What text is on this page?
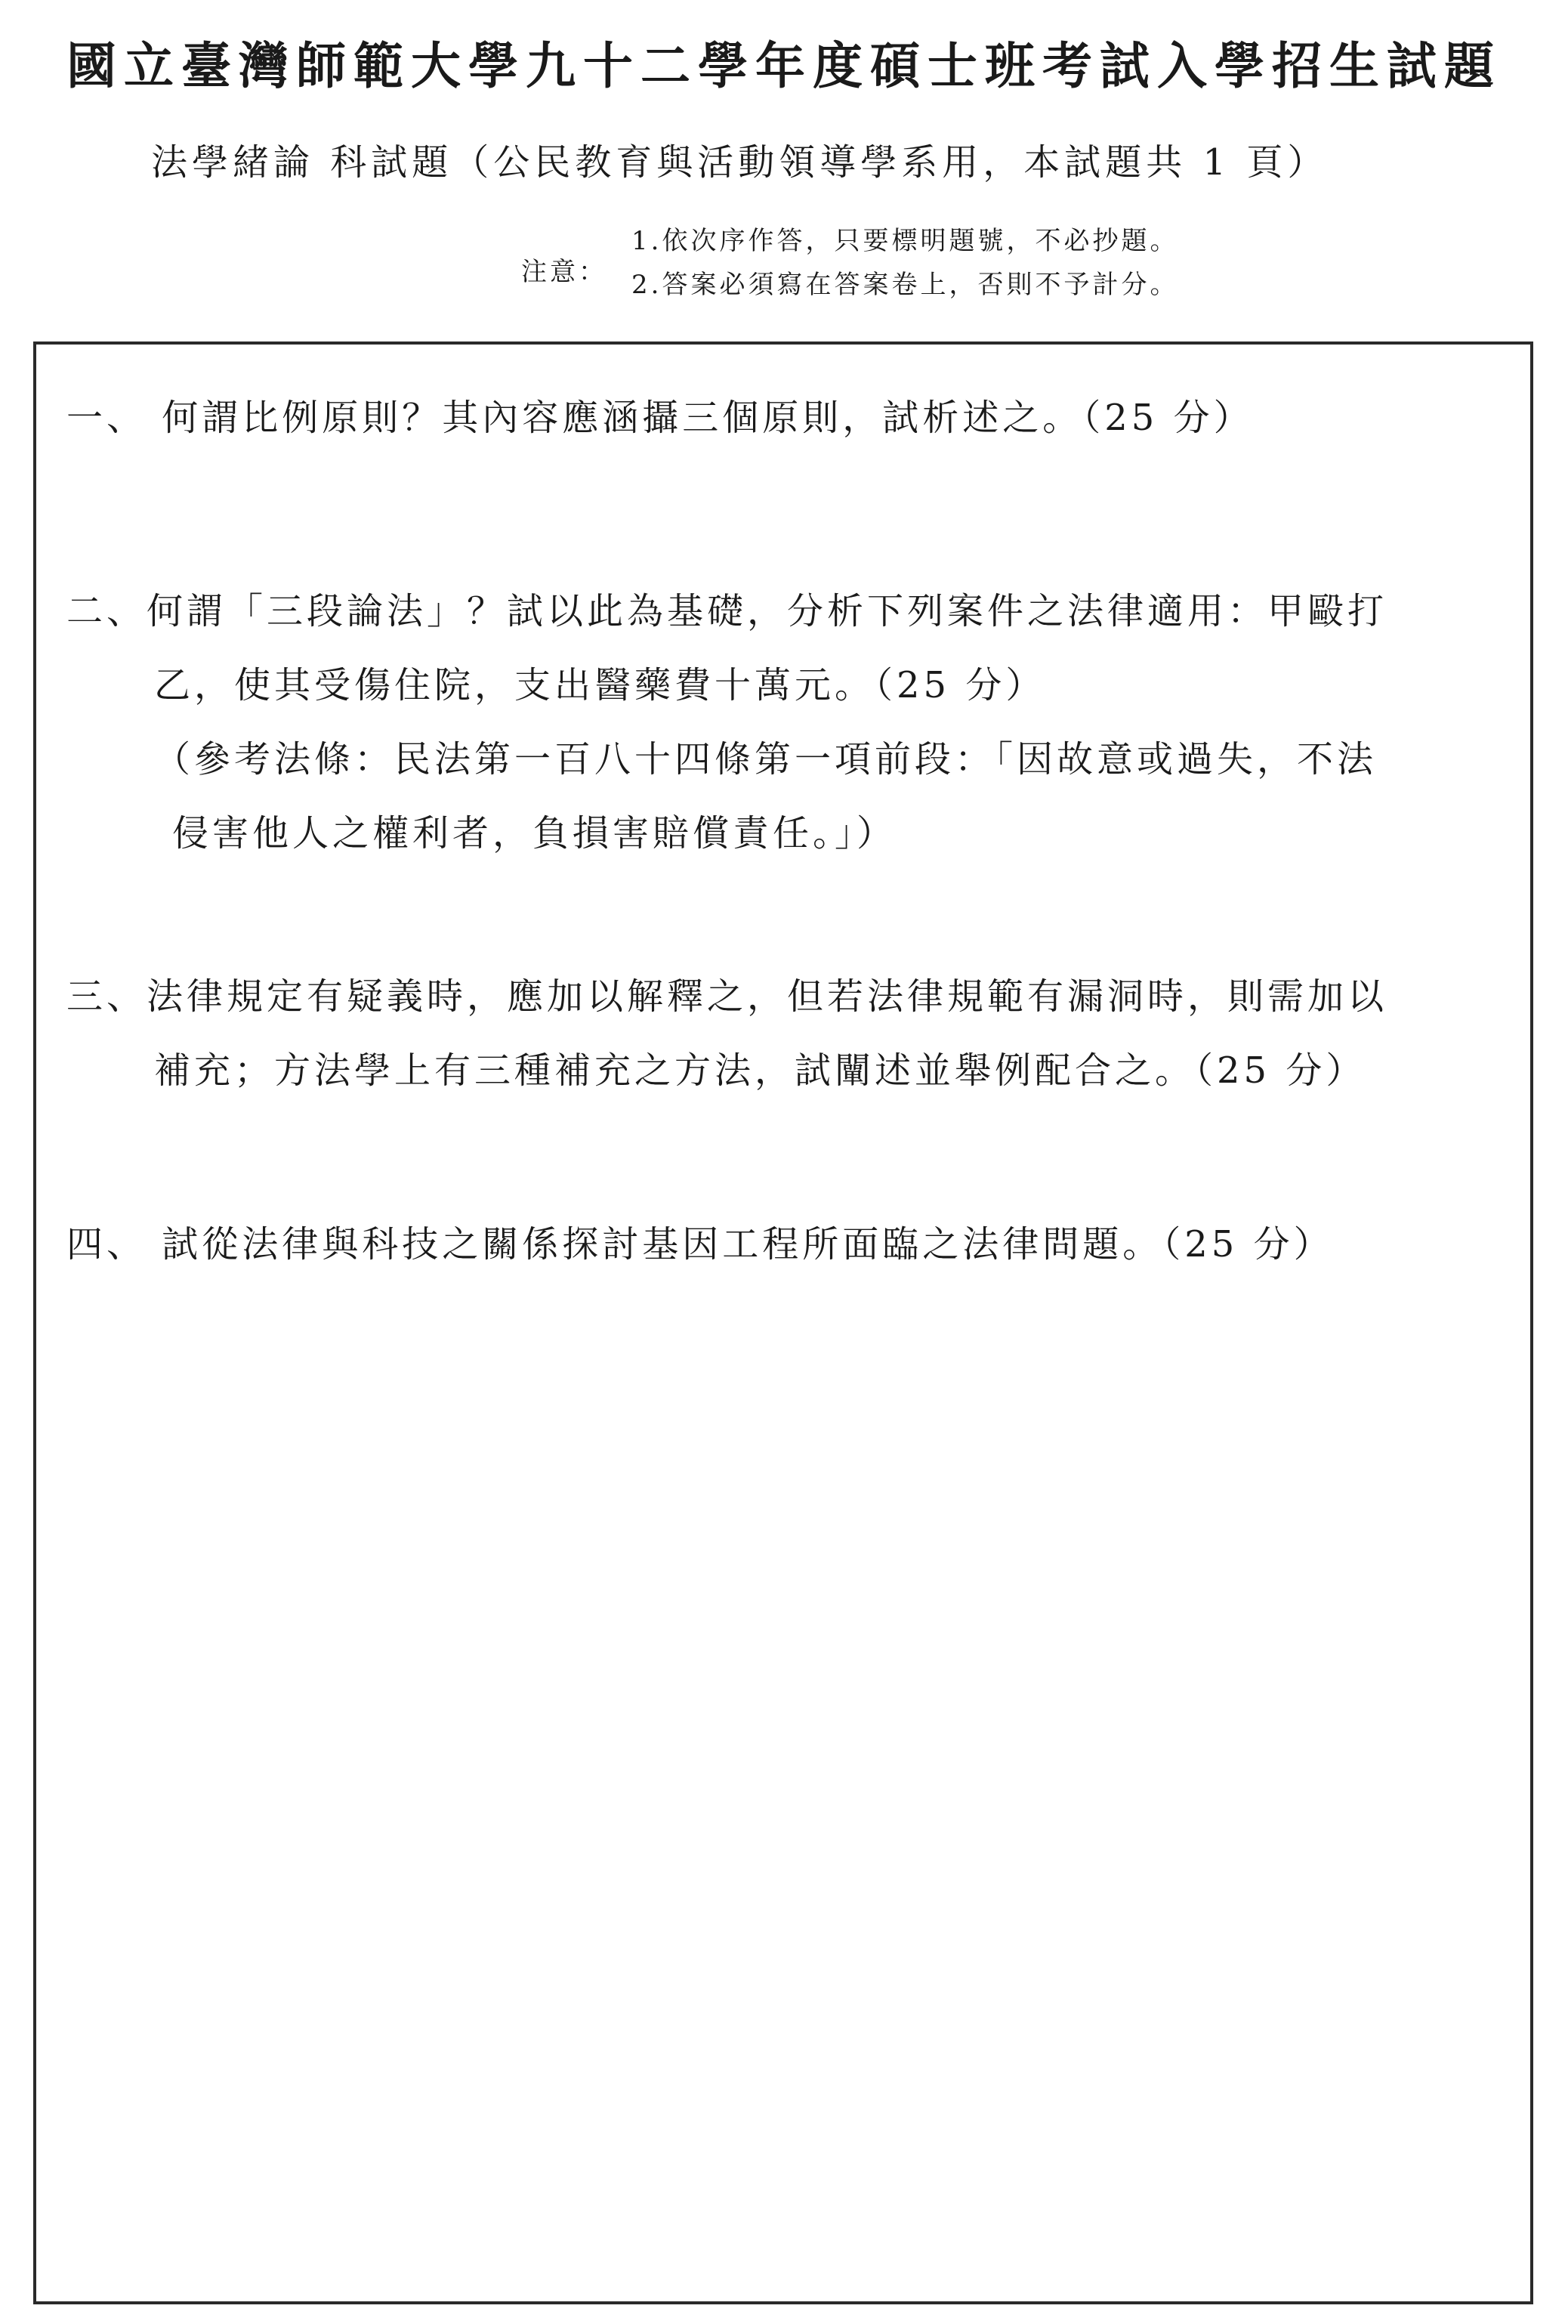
國立臺灣師範大學九十二學年度碩士班考試入學招生試題
法學緒論 科試題（公民教育與活動領導學系用，本試題共 1 頁）
注意：
1.依次序作答，只要標明題號，不必抄題。
2.答案必須寫在答案卷上，否則不予計分。
一、 何謂比例原則？其內容應涵攝三個原則，試析述之。（25 分）
二、何謂「三段論法」？試以此為基礎，分析下列案件之法律適用：甲毆打
乙，使其受傷住院，支出醫藥費十萬元。（25 分）
（參考法條：民法第一百八十四條第一項前段：「因故意或過失，不法
侵害他人之權利者，負損害賠償責任。」）
三、法律規定有疑義時，應加以解釋之，但若法律規範有漏洞時，則需加以
補充；方法學上有三種補充之方法，試闡述並舉例配合之。（25 分）
四、 試從法律與科技之關係探討基因工程所面臨之法律問題。（25 分）
